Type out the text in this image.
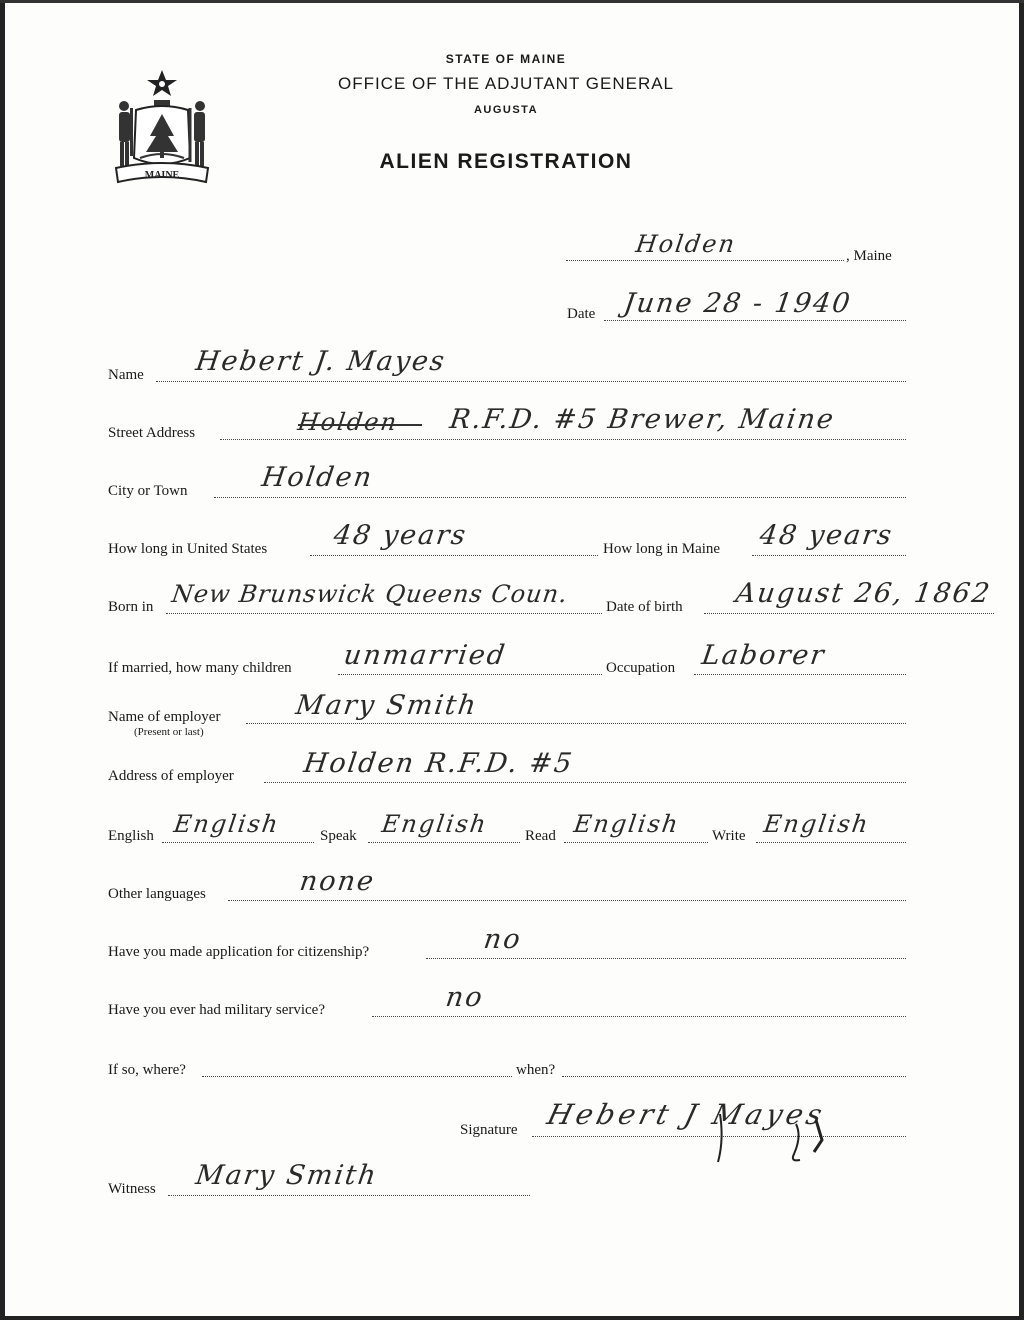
MAINE
STATE OF MAINE
OFFICE OF THE ADJUTANT GENERAL
AUGUSTA
ALIEN REGISTRATION
Holden	, Maine
Date June 28 - 1940
Name Hebert J. Mayes
Street Address	Holden R.F.D. #5 Brewer, Maine
City or Town	Holden
How long in United States 48 years	How long in Maine 48 years
Born in New Brunswick Queens Coun. Date of birth August 26, 1862
If married, how many children unmarried	Occupation Laborer
Name of employer
(Present or last)
Mary Smith
Address of employer	Holden R.F.D. #5
English English	Speak English Read English Write English
Other languages	none
Have you made application for citizenship?	no
Have you ever had military service?	no
If so, where?	when?
Signature Hebert J Mayes
Witness Mary Smith
